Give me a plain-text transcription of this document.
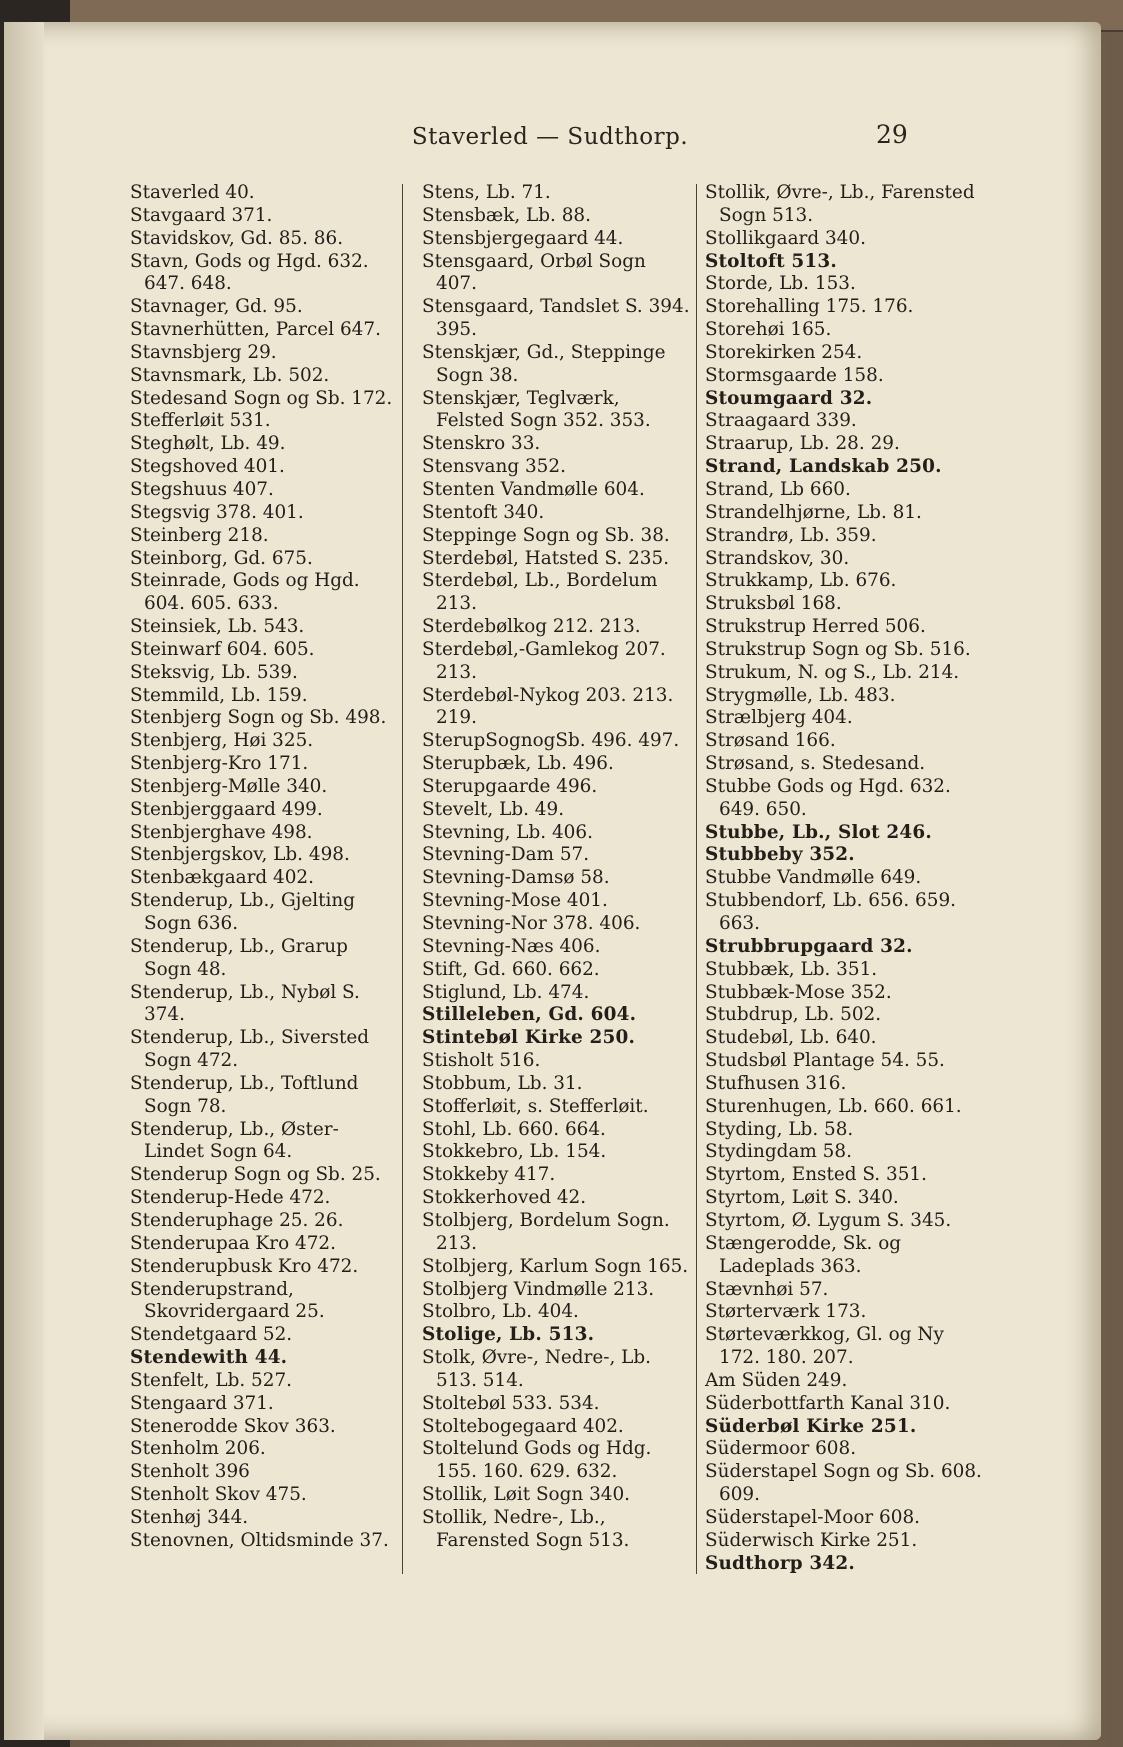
Staverled — Sudthorp.	29
Staverled 40.
Stavgaard 371.
Stavidskov, Gd. 85. 86.
Stavn, Gods og Hgd. 632. 647. 648.
Stavnager, Gd. 95.
Stavnerhütten, Parcel 647.
Stavnsbjerg 29.
Stavnsmark, Lb. 502.
Stedesand Sogn og Sb. 172.
Stefferløit 531.
Steghølt, Lb. 49.
Stegshoved 401.
Stegshuus 407.
Stegsvig 378. 401.
Steinberg 218.
Steinborg, Gd. 675.
Steinrade, Gods og Hgd. 604. 605. 633.
Steinsiek, Lb. 543.
Steinwarf 604. 605.
Steksvig, Lb. 539.
Stemmild, Lb. 159.
Stenbjerg Sogn og Sb. 498.
Stenbjerg, Høi 325.
Stenbjerg-Kro 171.
Stenbjerg-Mølle 340.
Stenbjerggaard 499.
Stenbjerghave 498.
Stenbjergskov, Lb. 498.
Stenbækgaard 402.
Stenderup, Lb., Gjelting Sogn 636.
Stenderup, Lb., Grarup Sogn 48.
Stenderup, Lb., Nybøl S. 374.
Stenderup, Lb., Siversted Sogn 472.
Stenderup, Lb., Toftlund Sogn 78.
Stenderup, Lb., Øster-Lindet Sogn 64.
Stenderup Sogn og Sb. 25.
Stenderup-Hede 472.
Stenderuphage 25. 26.
Stenderupaa Kro 472.
Stenderupbusk Kro 472.
Stenderupstrand, Skovridergaard 25.
Stendetgaard 52.
Stendewith 44.
Stenfelt, Lb. 527.
Stengaard 371.
Stenerodde Skov 363.
Stenholm 206.
Stenholt 396
Stenholt Skov 475.
Stenhøj 344.
Stenovnen, Oltidsminde 37.
Stens, Lb. 71.
Stensbæk, Lb. 88.
Stensbjergegaard 44.
Stensgaard, Orbøl Sogn 407.
Stensgaard, Tandslet S. 394. 395.
Stenskjær, Gd., Steppinge Sogn 38.
Stenskjær, Teglværk, Felsted Sogn 352. 353.
Stenskro 33.
Stensvang 352.
Stenten Vandmølle 604.
Stentoft 340.
Steppinge Sogn og Sb. 38.
Sterdebøl, Hatsted S. 235.
Sterdebøl, Lb., Bordelum 213.
Sterdebølkog 212. 213.
Sterdebøl,-Gamlekog 207. 213.
Sterdebøl-Nykog 203. 213. 219.
SterupSognogSb. 496. 497.
Sterupbæk, Lb. 496.
Sterupgaarde 496.
Stevelt, Lb. 49.
Stevning, Lb. 406.
Stevning-Dam 57.
Stevning-Damsø 58.
Stevning-Mose 401.
Stevning-Nor 378. 406.
Stevning-Næs 406.
Stift, Gd. 660. 662.
Stiglund, Lb. 474.
Stilleleben, Gd. 604.
Stintebøl Kirke 250.
Stisholt 516.
Stobbum, Lb. 31.
Stofferløit, s. Stefferløit.
Stohl, Lb. 660. 664.
Stokkebro, Lb. 154.
Stokkeby 417.
Stokkerhoved 42.
Stolbjerg, Bordelum Sogn. 213.
Stolbjerg, Karlum Sogn 165.
Stolbjerg Vindmølle 213.
Stolbro, Lb. 404.
Stolige, Lb. 513.
Stolk, Øvre-, Nedre-, Lb. 513. 514.
Stoltebøl 533. 534.
Stoltebogegaard 402.
Stoltelund Gods og Hdg. 155. 160. 629. 632.
Stollik, Løit Sogn 340.
Stollik, Nedre-, Lb., Farensted Sogn 513.
Stollik, Øvre-, Lb., Farensted Sogn 513.
Stollikgaard 340.
Stoltoft 513.
Storde, Lb. 153.
Storehalling 175. 176.
Storehøi 165.
Storekirken 254.
Stormsgaarde 158.
Stoumgaard 32.
Straagaard 339.
Straarup, Lb. 28. 29.
Strand, Landskab 250.
Strand, Lb 660.
Strandelhjørne, Lb. 81.
Strandrø, Lb. 359.
Strandskov, 30.
Strukkamp, Lb. 676.
Struksbøl 168.
Strukstrup Herred 506.
Strukstrup Sogn og Sb. 516.
Strukum, N. og S., Lb. 214.
Strygmølle, Lb. 483.
Strælbjerg 404.
Strøsand 166.
Strøsand, s. Stedesand.
Stubbe Gods og Hgd. 632. 649. 650.
Stubbe, Lb., Slot 246.
Stubbeby 352.
Stubbe Vandmølle 649.
Stubbendorf, Lb. 656. 659. 663.
Strubbrupgaard 32.
Stubbæk, Lb. 351.
Stubbæk-Mose 352.
Stubdrup, Lb. 502.
Studebøl, Lb. 640.
Studsbøl Plantage 54. 55.
Stufhusen 316.
Sturenhugen, Lb. 660. 661.
Styding, Lb. 58.
Stydingdam 58.
Styrtom, Ensted S. 351.
Styrtom, Løit S. 340.
Styrtom, Ø. Lygum S. 345.
Stængerodde, Sk. og Ladeplads 363.
Stævnhøi 57.
Størterværk 173.
Størteværkkog, Gl. og Ny 172. 180. 207.
Am Süden 249.
Süderbottfarth Kanal 310.
Süderbøl Kirke 251.
Südermoor 608.
Süderstapel Sogn og Sb. 608. 609.
Süderstapel-Moor 608.
Süderwisch Kirke 251.
Sudthorp 342.
